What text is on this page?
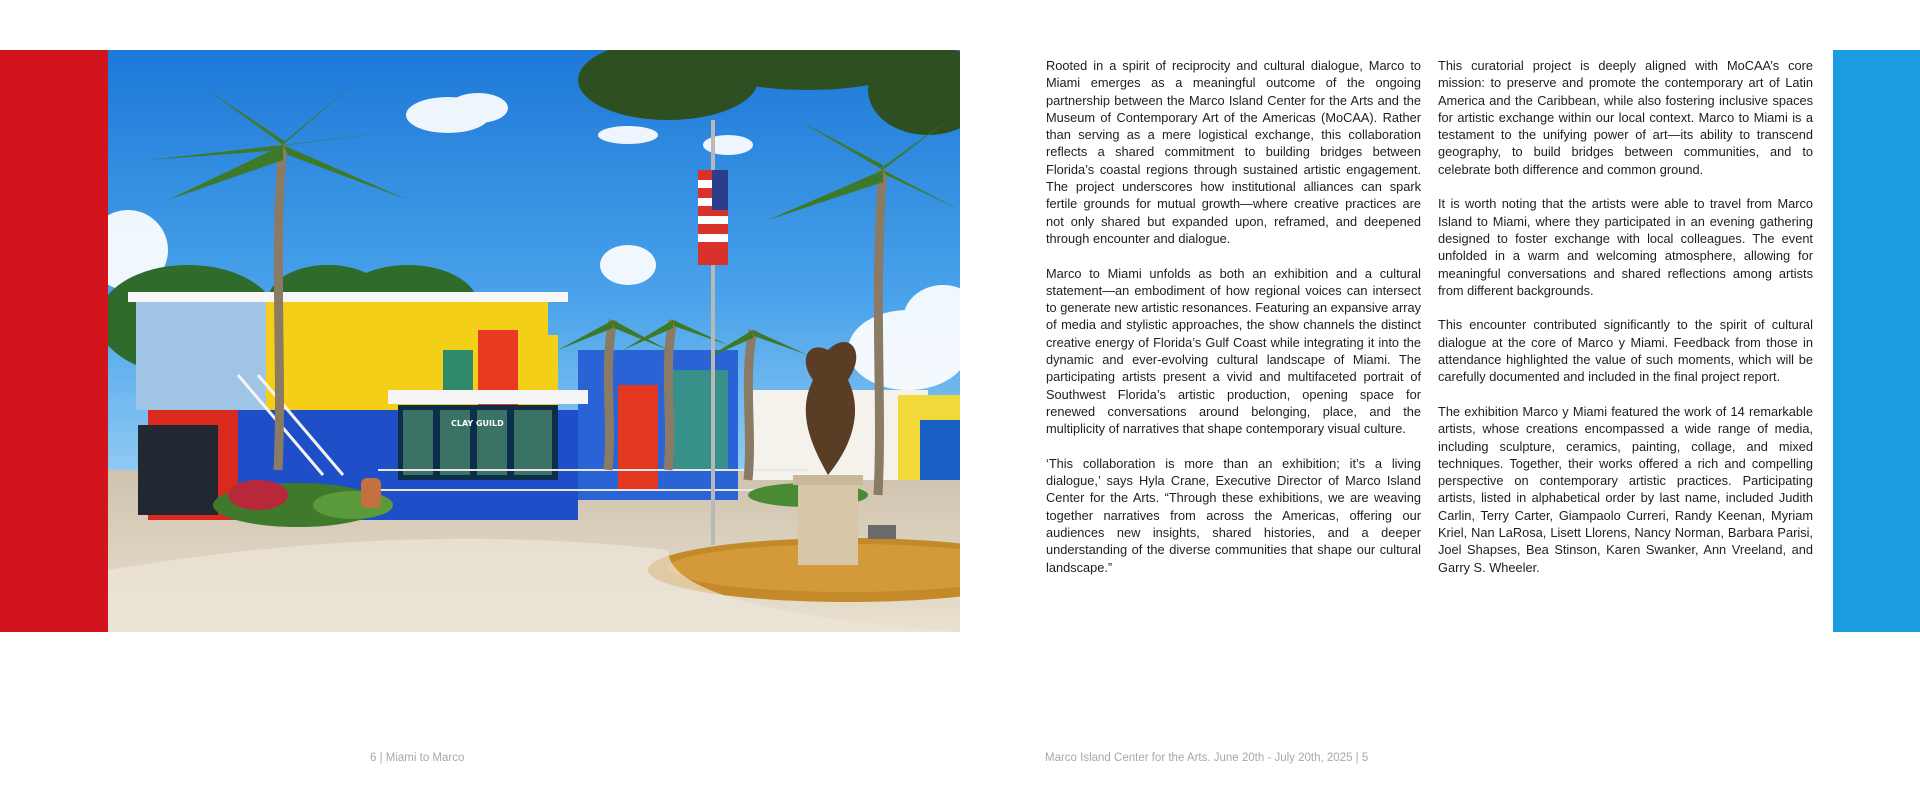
CLAY GUILD

Rooted in a spirit of reciprocity and cultural dialogue, Marco to Miami emerges as a meaningful outcome of the ongoing partnership between the Marco Island Center for the Arts and the Museum of Contemporary Art of the Americas (MoCAA). Rather than serving as a mere logistical exchange, this collaboration reflects a shared commitment to building bridges between Florida’s coastal regions through sustained artistic engagement. The project underscores how institutional alliances can spark fertile grounds for mutual growth—where creative practices are not only shared but expanded upon, reframed, and deepened through encounter and dialogue.

Marco to Miami unfolds as both an exhibition and a cultural statement—an embodiment of how regional voices can intersect to generate new artistic resonances. Featuring an expansive array of media and stylistic approaches, the show channels the distinct creative energy of Florida’s Gulf Coast while integrating it into the dynamic and ever-evolving cultural landscape of Miami. The participating artists present a vivid and multifaceted portrait of Southwest Florida’s artistic production, opening space for renewed conversations around belonging, place, and the multiplicity of narratives that shape contemporary visual culture.

‘This collaboration is more than an exhibition; it’s a living dialogue,’ says Hyla Crane, Executive Director of Marco Island Center for the Arts. “Through these exhibitions, we are weaving together narratives from across the Americas, offering our audiences new insights, shared histories, and a deeper understanding of the diverse communities that shape our cultural landscape.”

This curatorial project is deeply aligned with MoCAA’s core mission: to preserve and promote the contemporary art of Latin America and the Caribbean, while also fostering inclusive spaces for artistic exchange within our local context. Marco to Miami is a testament to the unifying power of art—its ability to transcend geography, to build bridges between communities, and to celebrate both difference and common ground.

It is worth noting that the artists were able to travel from Marco Island to Miami, where they participated in an evening gathering designed to foster exchange with local colleagues. The event unfolded in a warm and welcoming atmosphere, allowing for meaningful conversations and shared reflections among artists from different backgrounds.

This encounter contributed significantly to the spirit of cultural dialogue at the core of Marco y Miami. Feedback from those in attendance highlighted the value of such moments, which will be carefully documented and included in the final project report.

The exhibition Marco y Miami featured the work of 14 remarkable artists, whose creations encompassed a wide range of media, including sculpture, ceramics, painting, collage, and mixed techniques. Together, their works offered a rich and compelling perspective on contemporary artistic practices. Participating artists, listed in alphabetical order by last name, included Judith Carlin, Terry Carter, Giampaolo Curreri, Randy Keenan, Myriam Kriel, Nan LaRosa, Lisett Llorens, Nancy Norman, Barbara Parisi, Joel Shapses, Bea Stinson, Karen Swanker, Ann Vreeland, and Garry S. Wheeler.

6 | Miami to Marco	Marco Island Center for the Arts. June 20th - July 20th, 2025 | 5
